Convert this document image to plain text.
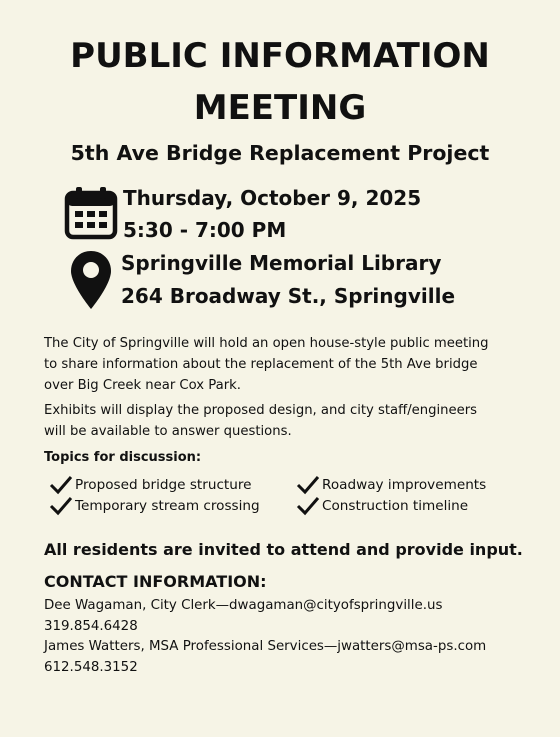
PUBLIC INFORMATION
MEETING
5th Ave Bridge Replacement Project
Thursday, October 9, 2025
5:30 - 7:00 PM
Springville Memorial Library
264 Broadway St., Springville
The City of Springville will hold an open house-style public meeting
to share information about the replacement of the 5th Ave bridge
over Big Creek near Cox Park.
Exhibits will display the proposed design, and city staff/engineers
will be available to answer questions.
Topics for discussion:
Proposed bridge structure	Roadway improvements
Temporary stream crossing	Construction timeline
All residents are invited to attend and provide input.
CONTACT INFORMATION:
Dee Wagaman, City Clerk—dwagaman@cityofspringville.us
319.854.6428
James Watters, MSA Professional Services—jwatters@msa-ps.com
612.548.3152
